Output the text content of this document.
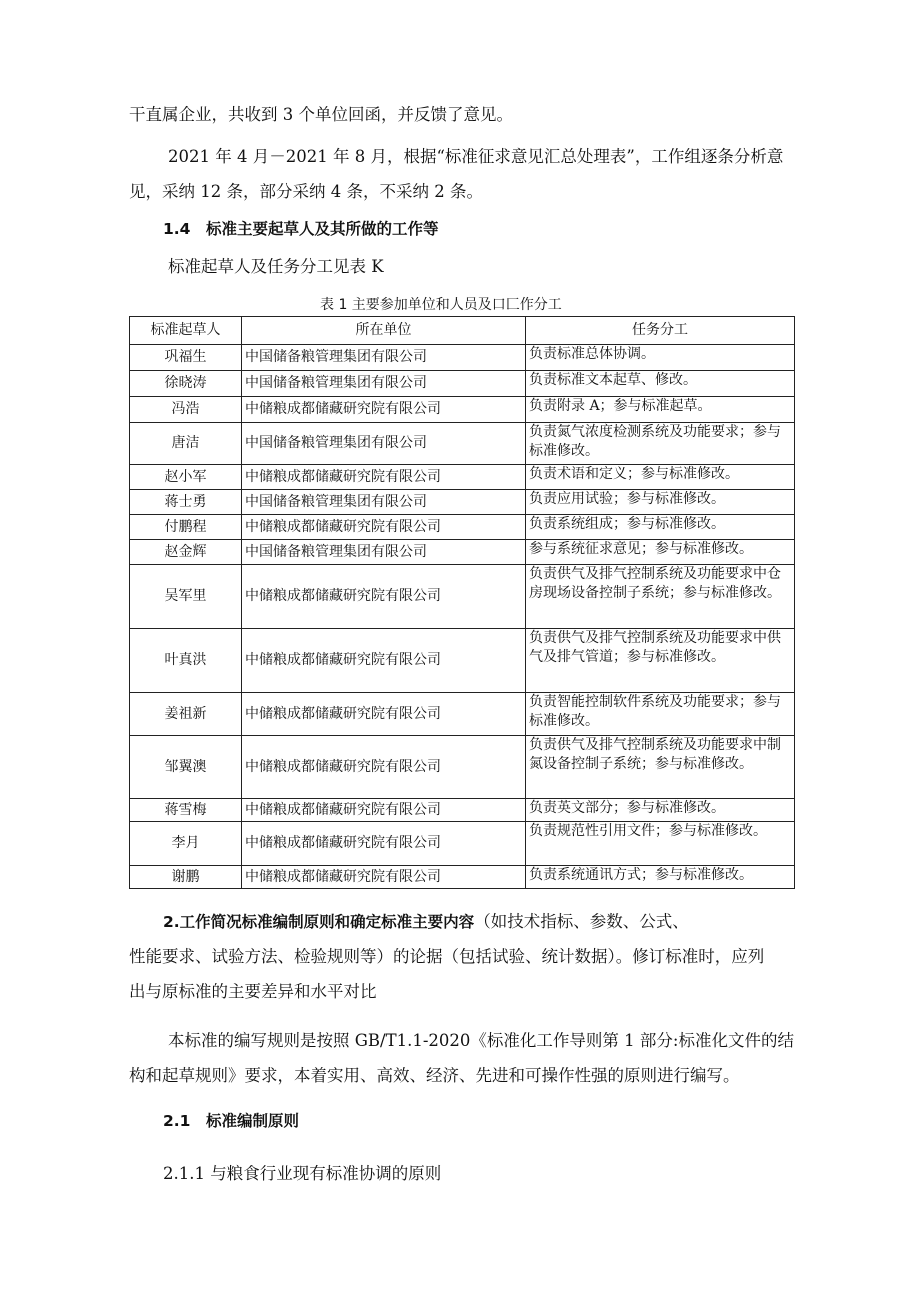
干直属企业，共收到 3 个单位回函，并反馈了意见。
2021 年 4 月－2021 年 8 月，根据“标准征求意见汇总处理表”，工作组逐条分析意
见，采纳 12 条，部分采纳 4 条，不采纳 2 条。
1.4　标准主要起草人及其所做的工作等
标准起草人及任务分工见表 K
表 1 主要参加单位和人员及口匚作分工
标准起草人	所在单位	任务分工
巩福生	中国储备粮管理集团有限公司	负责标准总体协调。
徐晓涛	中国储备粮管理集团有限公司	负责标准文本起草、修改。
冯浩	中储粮成都储藏研究院有限公司	负责附录 A；参与标准起草。
唐洁	中国储备粮管理集团有限公司	负责氮气浓度检测系统及功能要求；参与标准修改。
赵小军	中储粮成都储藏研究院有限公司	负责术语和定义；参与标准修改。
蒋士勇	中国储备粮管理集团有限公司	负责应用试验；参与标准修改。
付鹏程	中储粮成都储藏研究院有限公司	负责系统组成；参与标准修改。
赵金辉	中国储备粮管理集团有限公司	参与系统征求意见；参与标准修改。
吴军里	中储粮成都储藏研究院有限公司	负责供气及排气控制系统及功能要求中仓房现场设备控制子系统；参与标准修改。
叶真洪	中储粮成都储藏研究院有限公司	负责供气及排气控制系统及功能要求中供气及排气管道；参与标准修改。
姜祖新	中储粮成都储藏研究院有限公司	负责智能控制软件系统及功能要求；参与标准修改。
邹翼澳	中储粮成都储藏研究院有限公司	负责供气及排气控制系统及功能要求中制氮设备控制子系统；参与标准修改。
蒋雪梅	中储粮成都储藏研究院有限公司	负责英文部分；参与标准修改。
李月	中储粮成都储藏研究院有限公司	负责规范性引用文件；参与标准修改。
谢鹏	中储粮成都储藏研究院有限公司	负责系统通讯方式；参与标准修改。
2.工作简况标准编制原则和确定标准主要内容（如技术指标、参数、公式、
性能要求、试验方法、检验规则等）的论据（包括试验、统计数据）。修订标准时，应列
出与原标准的主要差异和水平对比
本标准的编写规则是按照 GB/T1.1-2020《标准化工作导则第 1 部分:标准化文件的结
构和起草规则》要求，本着实用、高效、经济、先进和可操作性强的原则进行编写。
2.1　标准编制原则
2.1.1 与粮食行业现有标准协调的原则
